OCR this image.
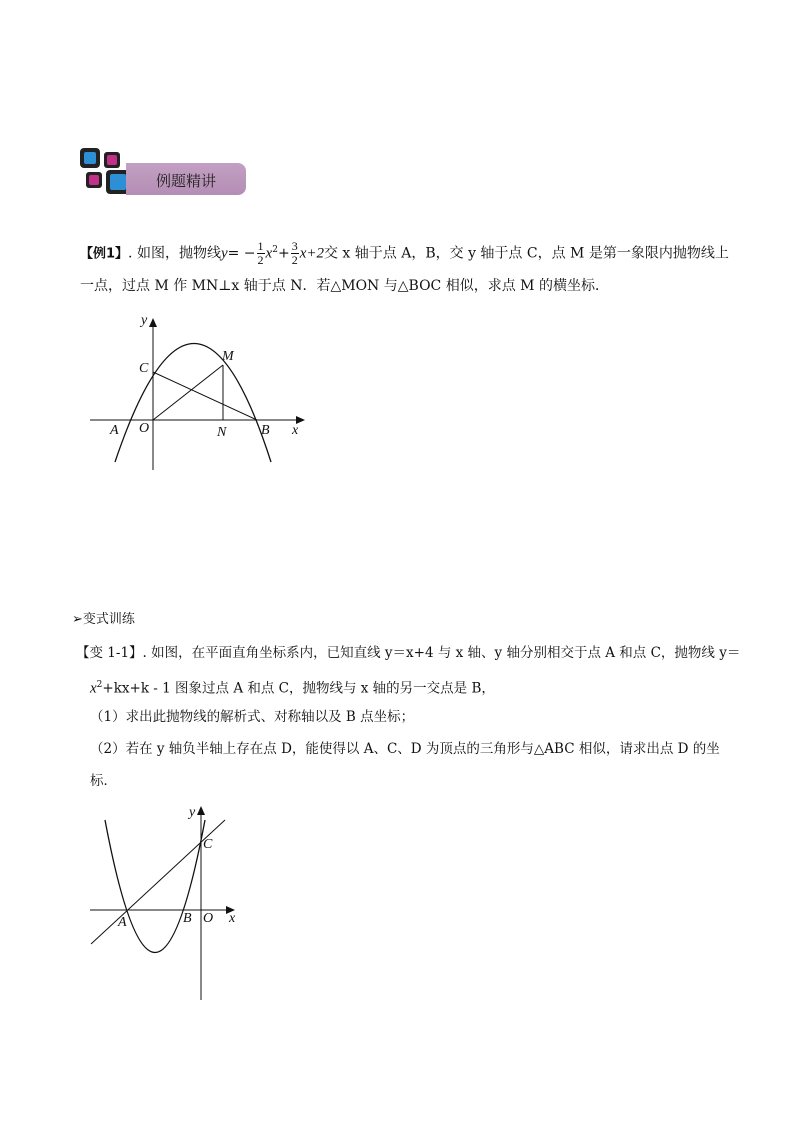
例题精讲
【例1】. 如图，抛物线$y= - \frac{1}{2} x^2+ \frac{3}{2} x+2$交 x 轴于点 A，B，交 y 轴于点 C，点 M 是第一象限内抛物线上
一点，过点 M 作 MN⊥x 轴于点 N．若△MON 与△BOC 相似，求点 M 的横坐标．
y
x
C
M
A O	N B
➢变式训练
【变 1-1】. 如图，在平面直角坐标系内，已知直线 y＝x+4 与 x 轴、y 轴分别相交于点 A 和点 C，抛物线 y＝
$x^2+kx+k - 1$ 图象过点 A 和点 C，抛物线与 x 轴的另一交点是 B，
（1）求出此抛物线的解析式、对称轴以及 B 点坐标；
（2）若在 y 轴负半轴上存在点 D，能使得以 A、C、D 为顶点的三角形与△ABC 相似，请求出点 D 的坐
标．
y
C
A	B O x
